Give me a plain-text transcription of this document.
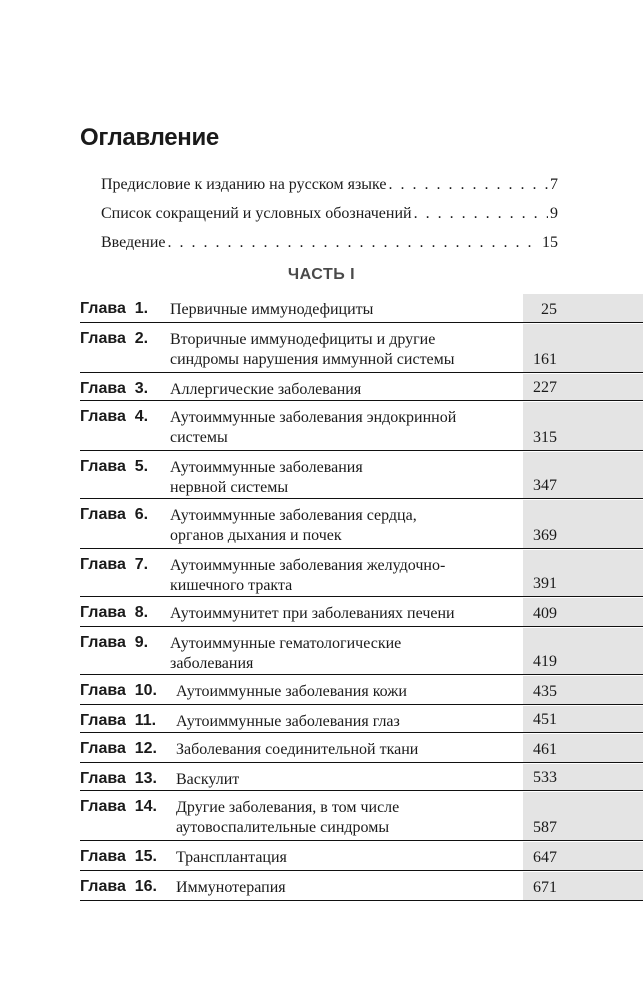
Оглавление
Предисловие к изданию на русском языке . . .	7
Список сокращений и условных обозначений . . .	9
Введение . . .	15
ЧАСТЬ I
Глава  1. Первичные иммунодефициты	25
Глава  2. Вторичные иммунодефициты и другие
синдромы нарушения иммунной системы	161
Глава  3. Аллергические заболевания	227
Глава  4. Аутоиммунные заболевания эндокринной
системы	315
Глава  5. Аутоиммунные заболевания
нервной системы	347
Глава  6. Аутоиммунные заболевания сердца,
органов дыхания и почек	369
Глава  7. Аутоиммунные заболевания желудочно-
кишечного тракта	391
Глава  8. Аутоиммунитет при заболеваниях печени	409
Глава  9. Аутоиммунные гематологические
заболевания	419
Глава  10. Аутоиммунные заболевания кожи	435
Глава  11. Аутоиммунные заболевания глаз	451
Глава  12. Заболевания соединительной ткани	461
Глава  13. Васкулит	533
Глава  14. Другие заболевания, в том числе
аутовоспалительные синдромы	587
Глава  15. Трансплантация	647
Глава  16. Иммунотерапия	671
